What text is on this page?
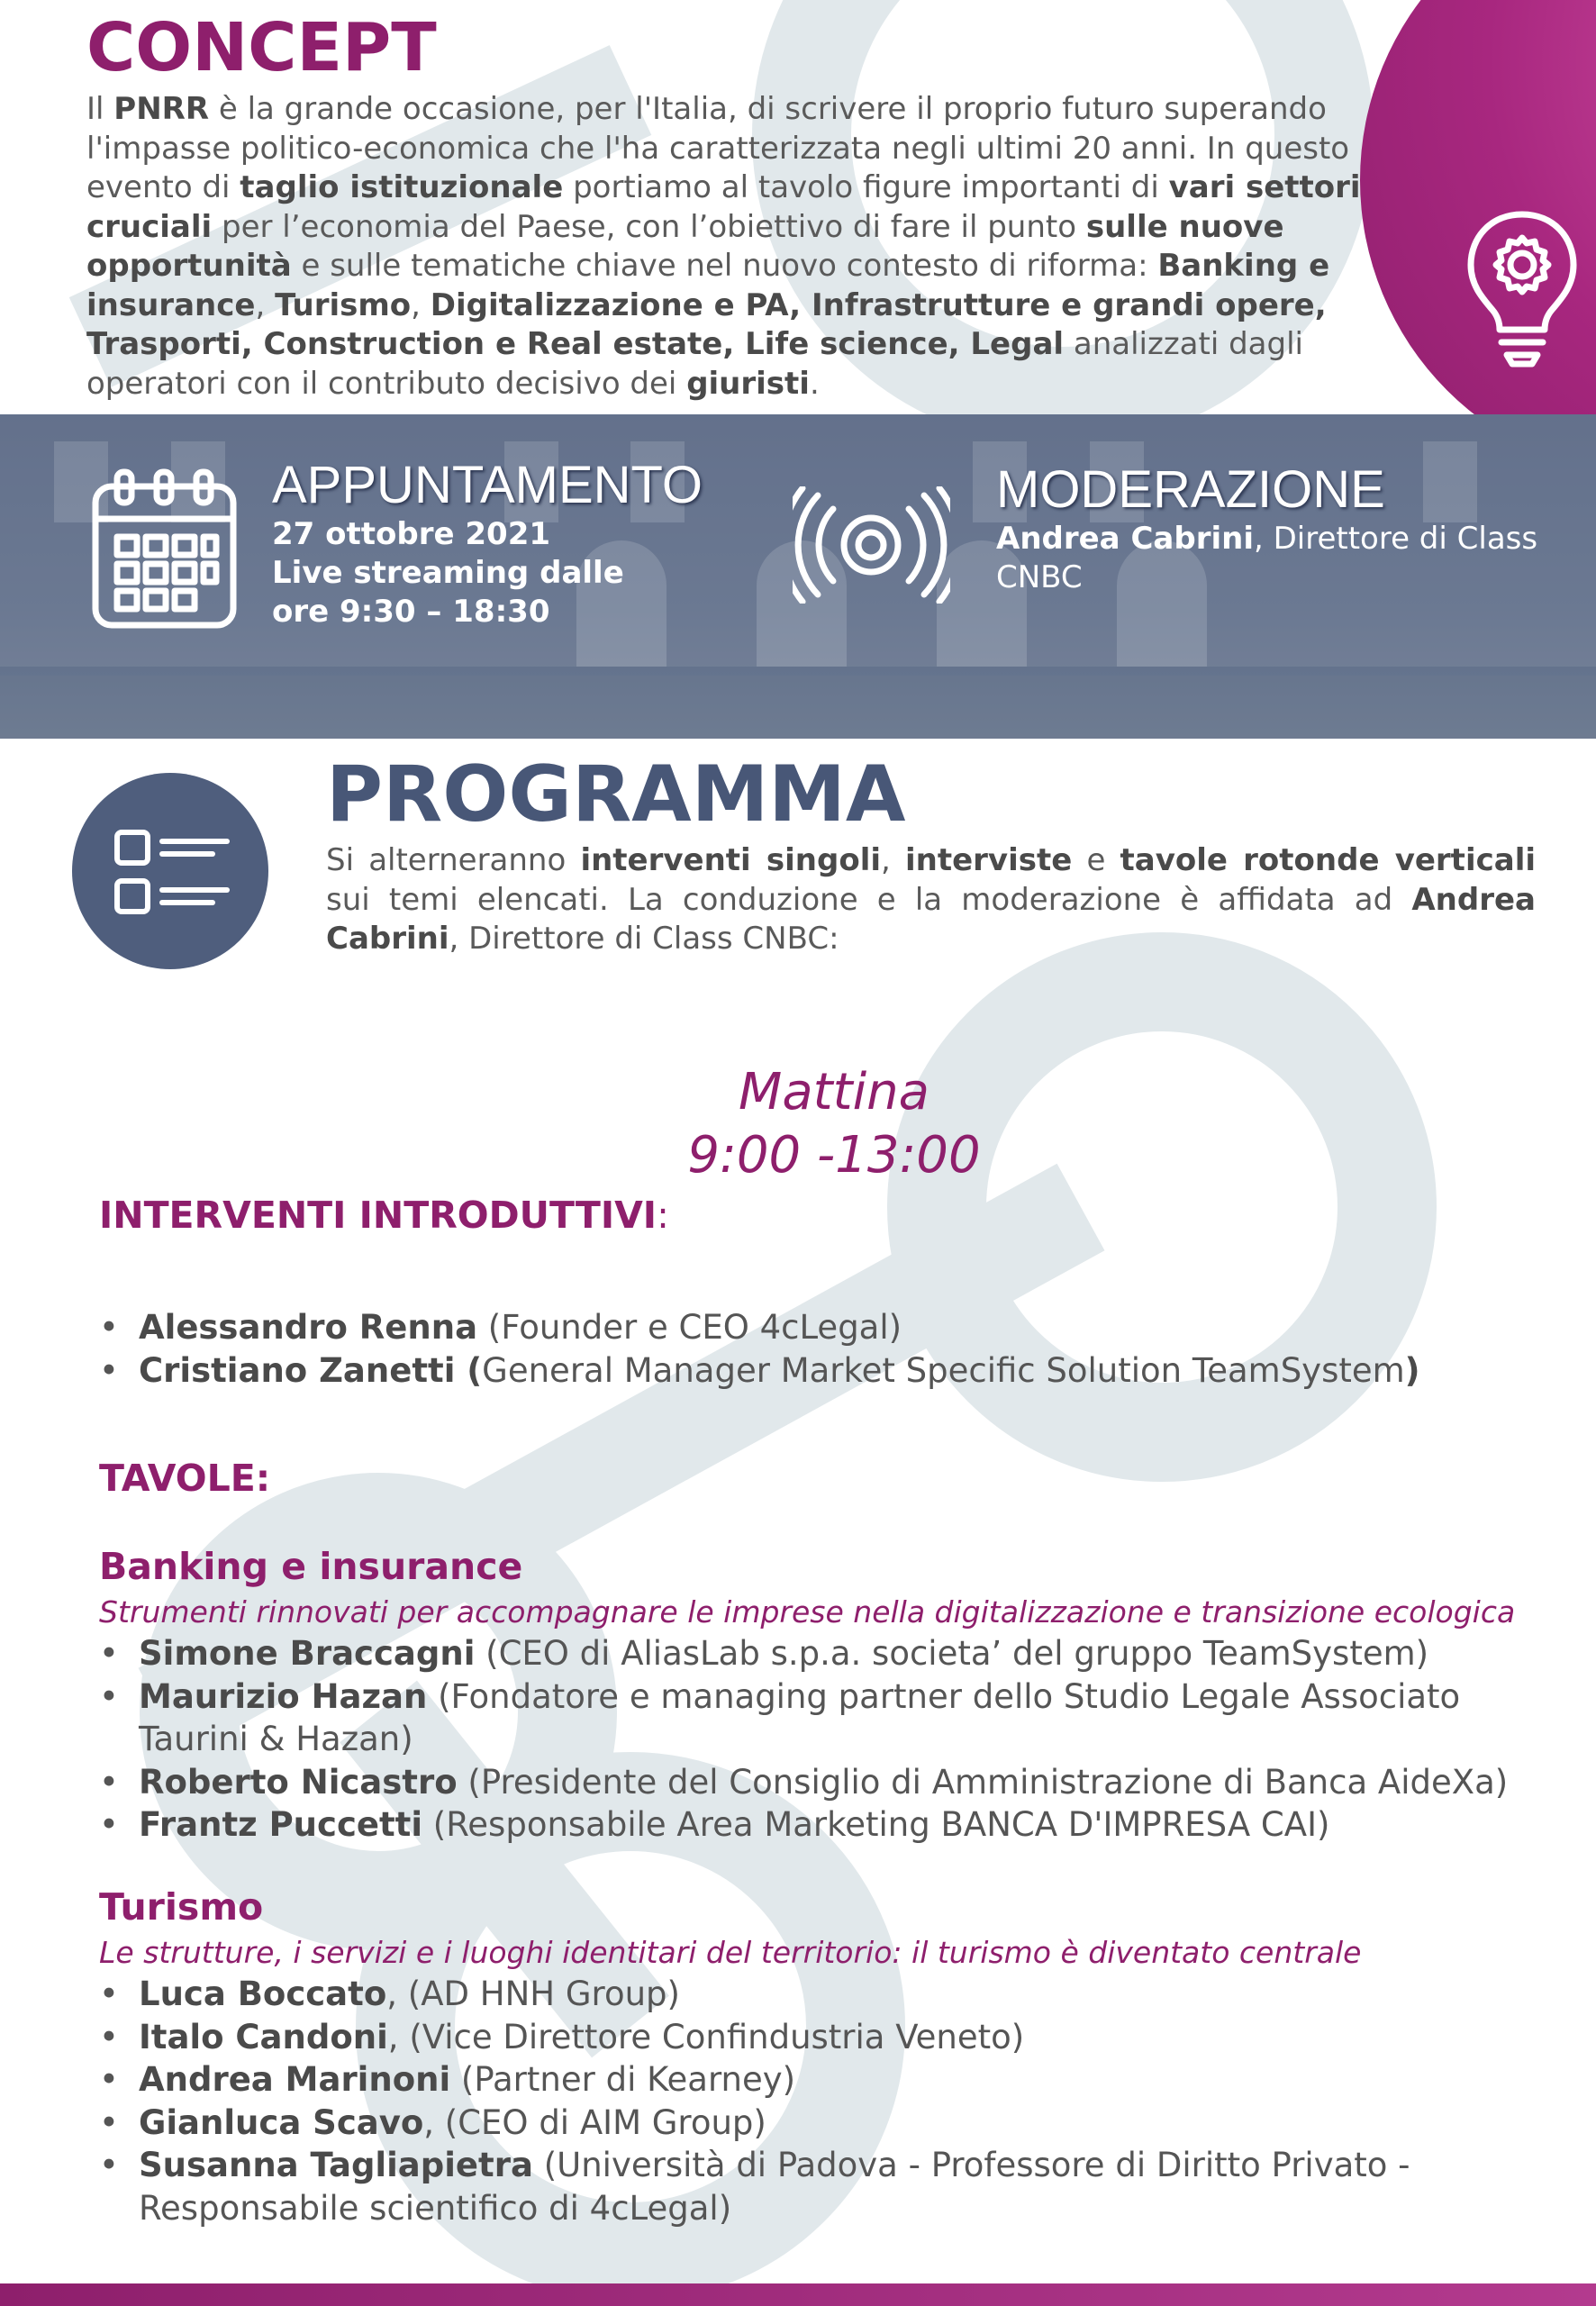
CONCEPT
Il PNRR è la grande occasione, per l'Italia, di scrivere il proprio futuro superando l'impasse politico-economica che l'ha caratterizzata negli ultimi 20 anni. In questo evento di taglio istituzionale portiamo al tavolo figure importanti di vari settori cruciali per l’economia del Paese, con l’obiettivo di fare il punto sulle nuove opportunità e sulle tematiche chiave nel nuovo contesto di riforma: Banking e insurance, Turismo, Digitalizzazione e PA, Infrastrutture e grandi opere, Trasporti, Construction e Real estate, Life science, Legal analizzati dagli operatori con il contributo decisivo dei giuristi.
APPUNTAMENTO
27 ottobre 2021
Live streaming dalle
ore 9:30 – 18:30
MODERAZIONE
Andrea Cabrini, Direttore di Class CNBC
PROGRAMMA
Si alterneranno interventi singoli, interviste e tavole rotonde verticali sui temi elencati. La conduzione e la moderazione è affidata ad Andrea Cabrini, Direttore di Class CNBC:
Mattina
9:00 -13:00
INTERVENTI INTRODUTTIVI:
• Alessandro Renna (Founder e CEO 4cLegal)
• Cristiano Zanetti (General Manager Market Specific Solution TeamSystem)
TAVOLE:
Banking e insurance
Strumenti rinnovati per accompagnare le imprese nella digitalizzazione e transizione ecologica
• Simone Braccagni (CEO di AliasLab s.p.a. societa’ del gruppo TeamSystem)
• Maurizio Hazan (Fondatore e managing partner dello Studio Legale Associato Taurini & Hazan)
• Roberto Nicastro (Presidente del Consiglio di Amministrazione di Banca AideXa)
• Frantz Puccetti (Responsabile Area Marketing BANCA D'IMPRESA CAI)
Turismo
Le strutture, i servizi e i luoghi identitari del territorio: il turismo è diventato centrale
• Luca Boccato, (AD HNH Group)
• Italo Candoni, (Vice Direttore Confindustria Veneto)
• Andrea Marinoni (Partner di Kearney)
• Gianluca Scavo, (CEO di AIM Group)
• Susanna Tagliapietra (Università di Padova - Professore di Diritto Privato - Responsabile scientifico di 4cLegal)
